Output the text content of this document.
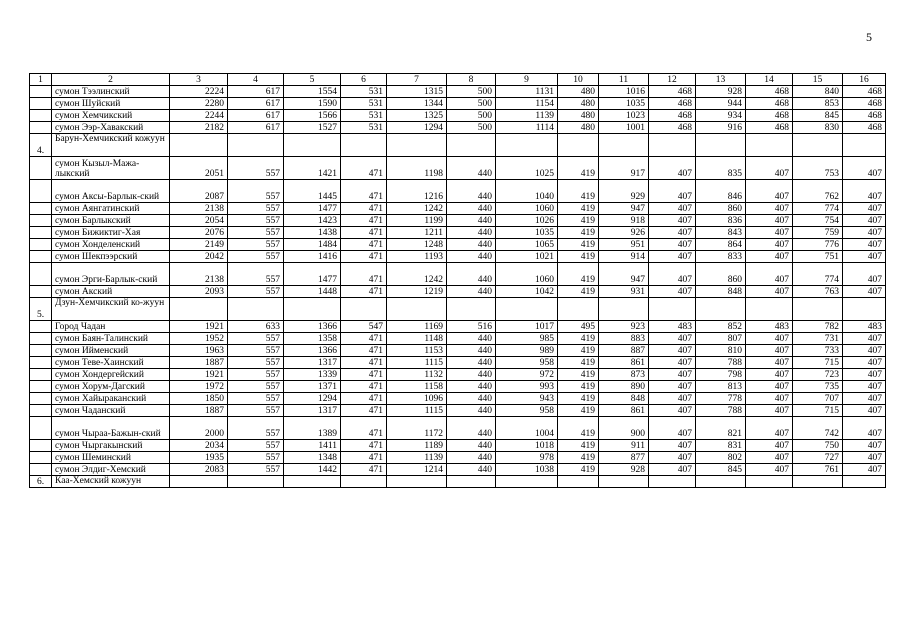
5
1	2	3	4	5	6	7	8	9	10	11	12	13	14	15	16
	сумон Тээлинский	2224	617	1554	531	1315	500	1131	480	1016	468	928	468	840	468
	сумон Шуйский	2280	617	1590	531	1344	500	1154	480	1035	468	944	468	853	468
	сумон Хемчикский	2244	617	1566	531	1325	500	1139	480	1023	468	934	468	845	468
	сумон Ээр-Хавакский	2182	617	1527	531	1294	500	1114	480	1001	468	916	468	830	468
4.	Барун-Хемчикский кожуун														
	сумон Кызыл-Мажа-лыкский	2051	557	1421	471	1198	440	1025	419	917	407	835	407	753	407
	сумон Аксы-Барлык-ский	2087	557	1445	471	1216	440	1040	419	929	407	846	407	762	407
	сумон Аянгатинский	2138	557	1477	471	1242	440	1060	419	947	407	860	407	774	407
	сумон Барлыкский	2054	557	1423	471	1199	440	1026	419	918	407	836	407	754	407
	сумон Бижиктиг-Хая	2076	557	1438	471	1211	440	1035	419	926	407	843	407	759	407
	сумон Хонделенский	2149	557	1484	471	1248	440	1065	419	951	407	864	407	776	407
	сумон Шекпээрский	2042	557	1416	471	1193	440	1021	419	914	407	833	407	751	407
	сумон Эрги-Барлык-ский	2138	557	1477	471	1242	440	1060	419	947	407	860	407	774	407
	сумон Акский	2093	557	1448	471	1219	440	1042	419	931	407	848	407	763	407
5.	Дзун-Хемчикский ко-жуун														
	Город Чадан	1921	633	1366	547	1169	516	1017	495	923	483	852	483	782	483
	сумон Баян-Талинский	1952	557	1358	471	1148	440	985	419	883	407	807	407	731	407
	сумон Ийменский	1963	557	1366	471	1153	440	989	419	887	407	810	407	733	407
	сумон Теве-Хаинский	1887	557	1317	471	1115	440	958	419	861	407	788	407	715	407
	сумон Хондергейский	1921	557	1339	471	1132	440	972	419	873	407	798	407	723	407
	сумон Хорум-Дагский	1972	557	1371	471	1158	440	993	419	890	407	813	407	735	407
	сумон Хайыраканский	1850	557	1294	471	1096	440	943	419	848	407	778	407	707	407
	сумон Чаданский	1887	557	1317	471	1115	440	958	419	861	407	788	407	715	407
	сумон Чыраа-Бажын-ский	2000	557	1389	471	1172	440	1004	419	900	407	821	407	742	407
	сумон Чыргакынский	2034	557	1411	471	1189	440	1018	419	911	407	831	407	750	407
	сумон Шеминский	1935	557	1348	471	1139	440	978	419	877	407	802	407	727	407
	сумон Элдиг-Хемский	2083	557	1442	471	1214	440	1038	419	928	407	845	407	761	407
6.	Каа-Хемский кожуун														
